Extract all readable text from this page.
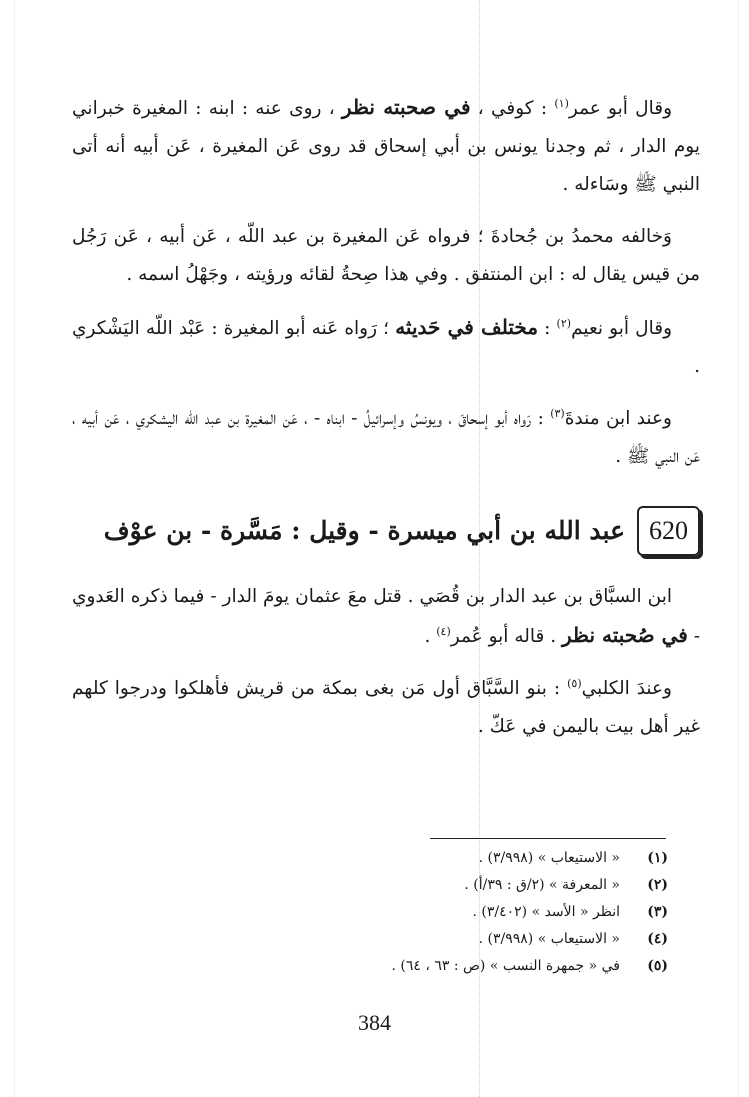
وقال أبو عمر$^{(١)}$ : كوفي ، في صحبته نظر ، روى عنه : ابنه : المغيرة خبراني يوم الدار ، ثم وجدنا يونس بن أبي إسحاق قد روى عَن المغيرة ، عَن أبيه أنه أتى النبي ﷺ وسَاءله .

وَخالفه محمدُ بن جُحادةَ ؛ فرواه عَن المغيرة بن عبد اللّه ، عَن أبيه ، عَن رَجُل من قيس يقال له : ابن المنتفق . وفي هذا صِحةُ لقائه ورؤيته ، وجَهْلُ اسمه .

وقال أبو نعيم$^{(٢)}$ : مختلف في حَديثه ؛ رَواه عَنه أبو المغيرة : عَبْد اللّه اليَشْكري .

وعند ابن مندةَ$^{(٣)}$ : رَواه أبو إسحاقَ ، ويونسُ وإسرائيلُ - ابناه - ، عَن المغيرة بن عبد اللّه اليشكري ، عَن أبيه ، عَن النبي ﷺ .

620
عبد الله بن أبي ميسرة - وقيل : مَسَّرة - بن عوْف

ابن السبَّاق بن عبد الدار بن قُصَي . قتل معَ عثمان يومَ الدار - فيما ذكره العَدوي - في صُحبته نظر . قاله أبو عُمر$^{(٤)}$ .

وعندَ الكلبي$^{(٥)}$ : بنو السَّبَّاق أول مَن بغى بمكة من قريش فأهلكوا ودرجوا كلهم غير أهل بيت باليمن في عَكّ .

(١)
« الاستيعاب » (٣/٩٩٨) .
(٢)
« المعرفة » (٢/ق : ٣٩/أ) .
(٣)
انظر « الأسد » (٣/٤٠٢) .
(٤)
« الاستيعاب » (٣/٩٩٨) .
(٥)
في « جمهرة النسب » (ص : ٦٣ ، ٦٤) .
384
